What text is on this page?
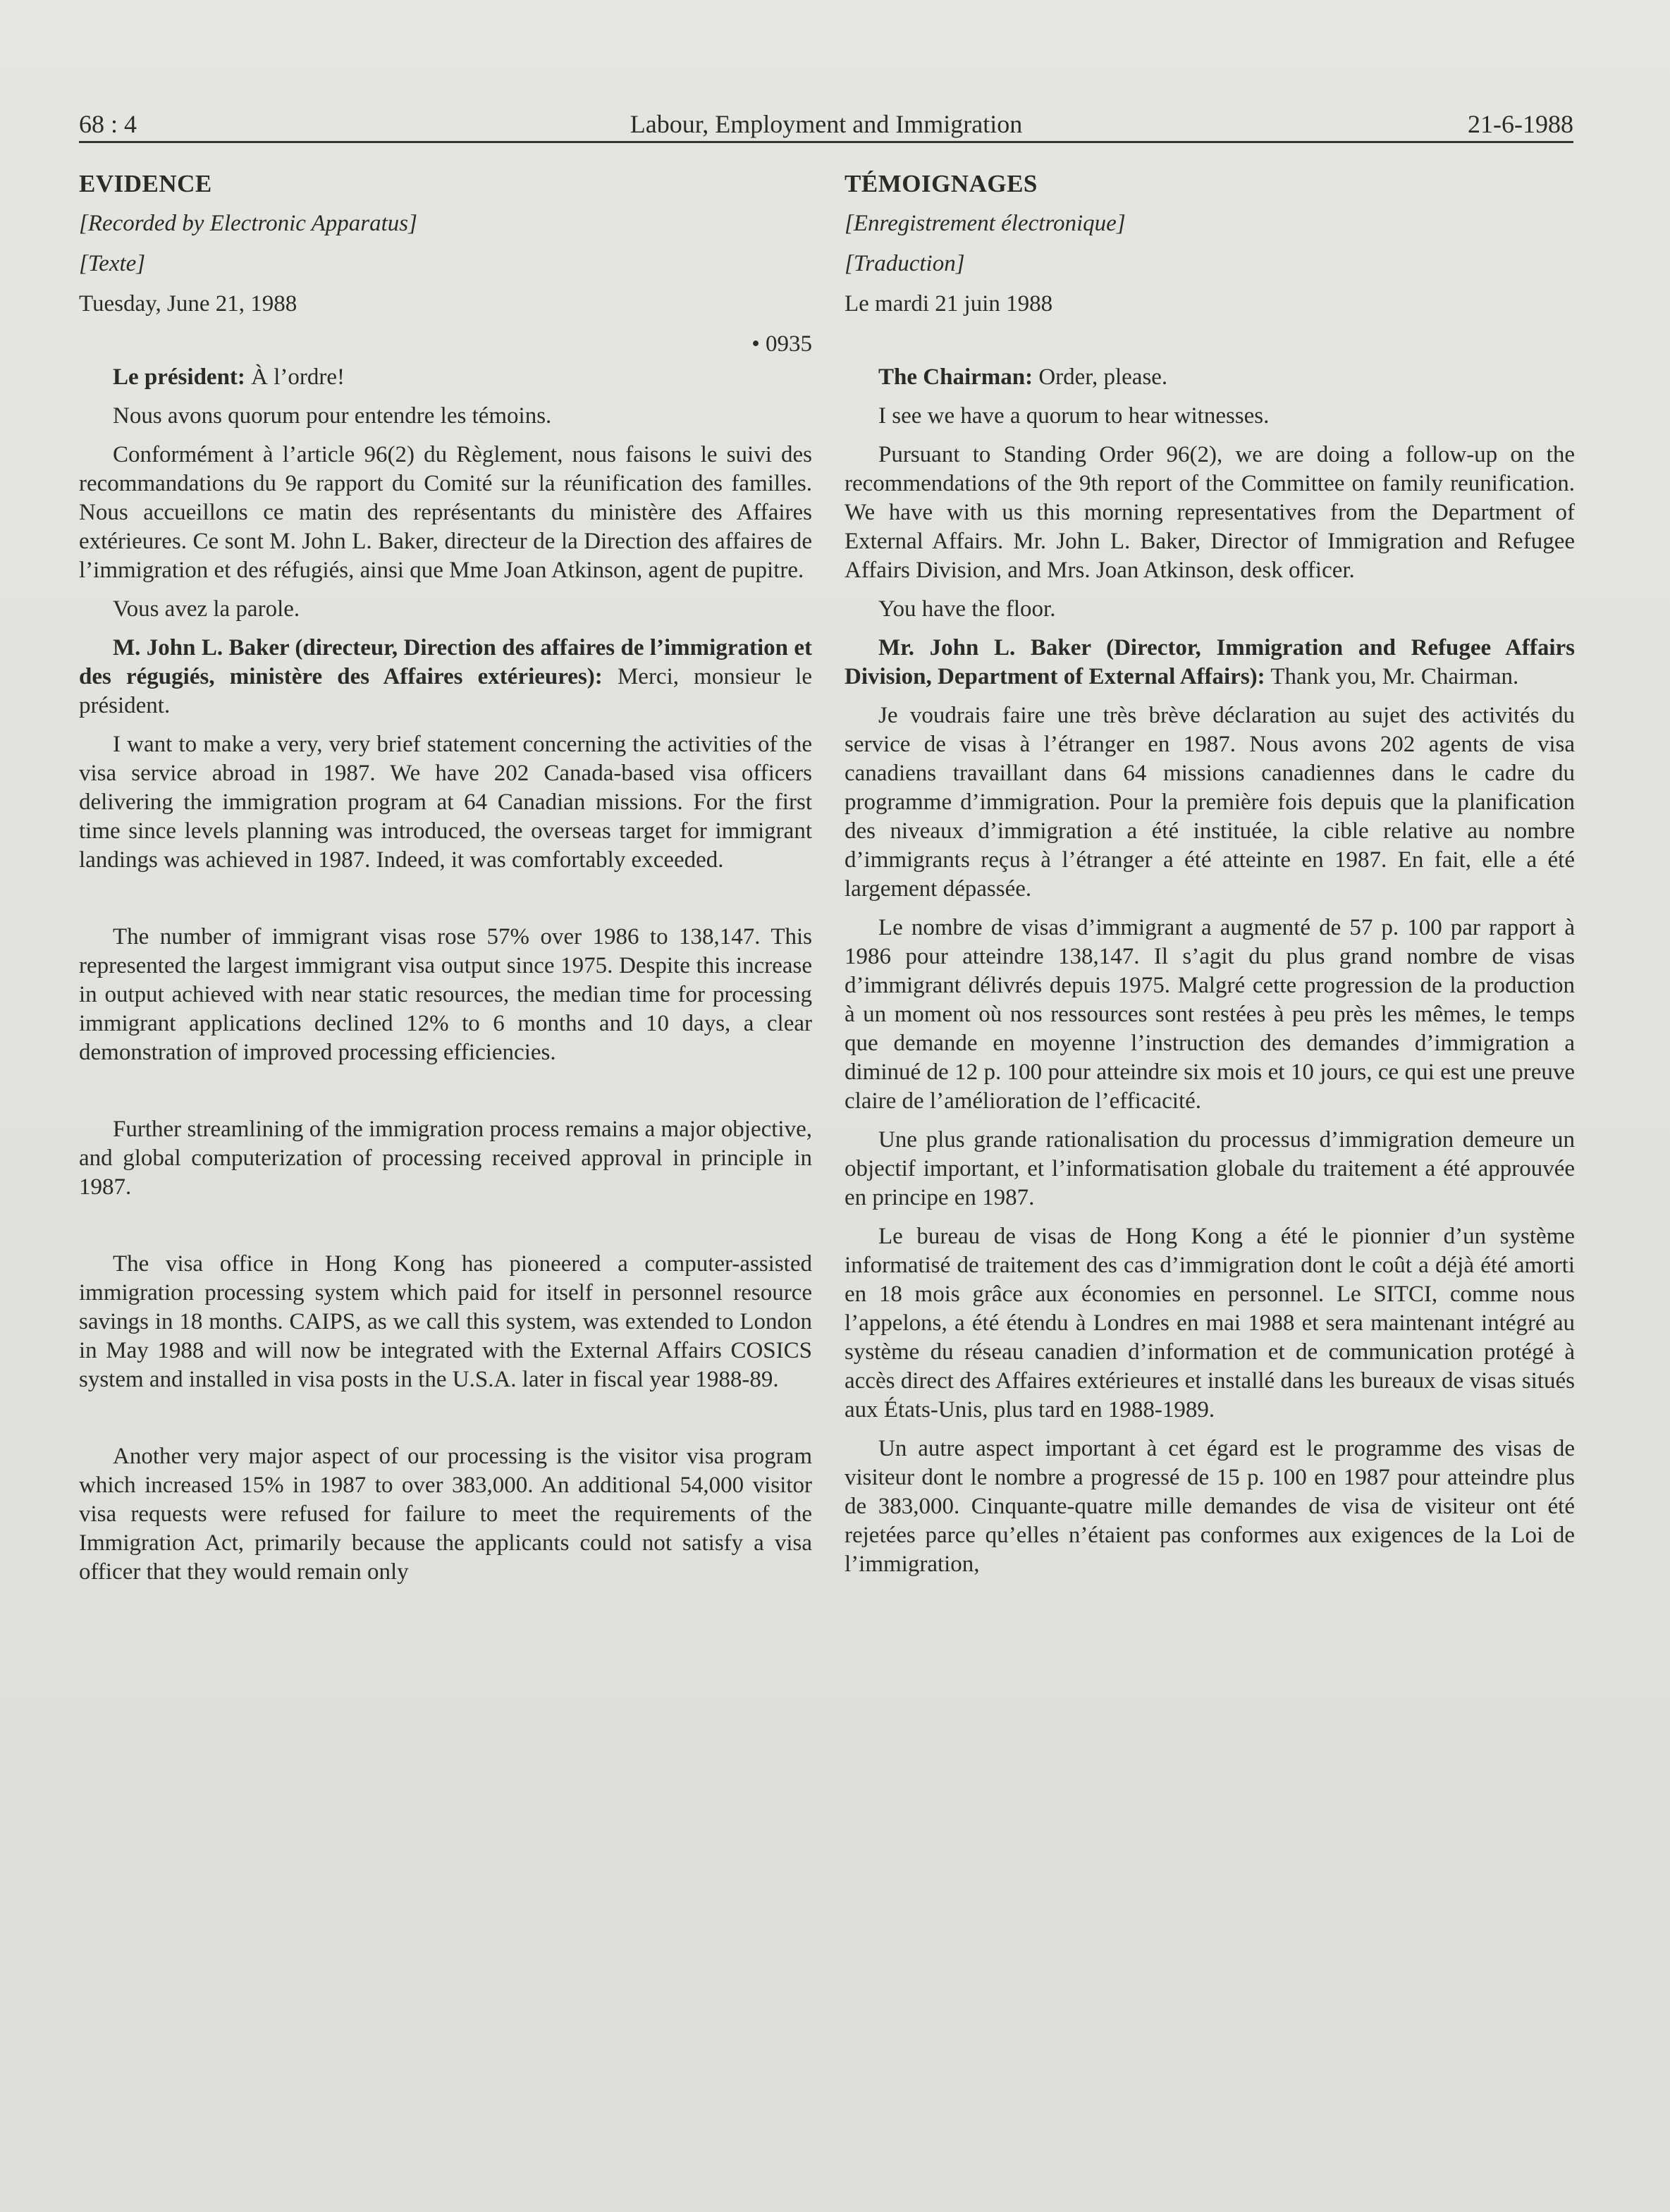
68 : 4	Labour, Employment and Immigration	21-6-1988
EVIDENCE
[Recorded by Electronic Apparatus]
[Texte]
Tuesday, June 21, 1988
• 0935

Le président: À l’ordre!

Nous avons quorum pour entendre les témoins.

Conformément à l’article 96(2) du Règlement, nous faisons le suivi des recommandations du 9e rapport du Comité sur la réunification des familles. Nous accueillons ce matin des représentants du ministère des Affaires extérieures. Ce sont M. John L. Baker, directeur de la Direction des affaires de l’immigration et des réfugiés, ainsi que Mme Joan Atkinson, agent de pupitre.

Vous avez la parole.

M. John L. Baker (directeur, Direction des affaires de l’immigration et des régugiés, ministère des Affaires extérieures): Merci, monsieur le président.

I want to make a very, very brief statement concerning the activities of the visa service abroad in 1987. We have 202 Canada-based visa officers delivering the immigration program at 64 Canadian missions. For the first time since levels planning was introduced, the overseas target for immigrant landings was achieved in 1987. Indeed, it was comfortably exceeded.

The number of immigrant visas rose 57% over 1986 to 138,147. This represented the largest immigrant visa output since 1975. Despite this increase in output achieved with near static resources, the median time for processing immigrant applications declined 12% to 6 months and 10 days, a clear demonstration of improved processing efficiencies.

Further streamlining of the immigration process remains a major objective, and global computerization of processing received approval in principle in 1987.

The visa office in Hong Kong has pioneered a computer-assisted immigration processing system which paid for itself in personnel resource savings in 18 months. CAIPS, as we call this system, was extended to London in May 1988 and will now be integrated with the External Affairs COSICS system and installed in visa posts in the U.S.A. later in fiscal year 1988-89.

Another very major aspect of our processing is the visitor visa program which increased 15% in 1987 to over 383,000. An additional 54,000 visitor visa requests were refused for failure to meet the requirements of the Immigration Act, primarily because the applicants could not satisfy a visa officer that they would remain only

TÉMOIGNAGES
[Enregistrement électronique]
[Traduction]
Le mardi 21 juin 1988

The Chairman: Order, please.

I see we have a quorum to hear witnesses.

Pursuant to Standing Order 96(2), we are doing a follow-up on the recommendations of the 9th report of the Committee on family reunification. We have with us this morning representatives from the Department of External Affairs. Mr. John L. Baker, Director of Immigration and Refugee Affairs Division, and Mrs. Joan Atkinson, desk officer.

You have the floor.

Mr. John L. Baker (Director, Immigration and Refugee Affairs Division, Department of External Affairs): Thank you, Mr. Chairman.

Je voudrais faire une très brève déclaration au sujet des activités du service de visas à l’étranger en 1987. Nous avons 202 agents de visa canadiens travaillant dans 64 missions canadiennes dans le cadre du programme d’immigration. Pour la première fois depuis que la planification des niveaux d’immigration a été instituée, la cible relative au nombre d’immigrants reçus à l’étranger a été atteinte en 1987. En fait, elle a été largement dépassée.

Le nombre de visas d’immigrant a augmenté de 57 p. 100 par rapport à 1986 pour atteindre 138,147. Il s’agit du plus grand nombre de visas d’immigrant délivrés depuis 1975. Malgré cette progression de la production à un moment où nos ressources sont restées à peu près les mêmes, le temps que demande en moyenne l’instruction des demandes d’immigration a diminué de 12 p. 100 pour atteindre six mois et 10 jours, ce qui est une preuve claire de l’amélioration de l’efficacité.

Une plus grande rationalisation du processus d’immigration demeure un objectif important, et l’informatisation globale du traitement a été approuvée en principe en 1987.

Le bureau de visas de Hong Kong a été le pionnier d’un système informatisé de traitement des cas d’immigration dont le coût a déjà été amorti en 18 mois grâce aux économies en personnel. Le SITCI, comme nous l’appelons, a été étendu à Londres en mai 1988 et sera maintenant intégré au système du réseau canadien d’information et de communication protégé à accès direct des Affaires extérieures et installé dans les bureaux de visas situés aux États-Unis, plus tard en 1988-1989.

Un autre aspect important à cet égard est le programme des visas de visiteur dont le nombre a progressé de 15 p. 100 en 1987 pour atteindre plus de 383,000. Cinquante-quatre mille demandes de visa de visiteur ont été rejetées parce qu’elles n’étaient pas conformes aux exigences de la Loi de l’immigration,
